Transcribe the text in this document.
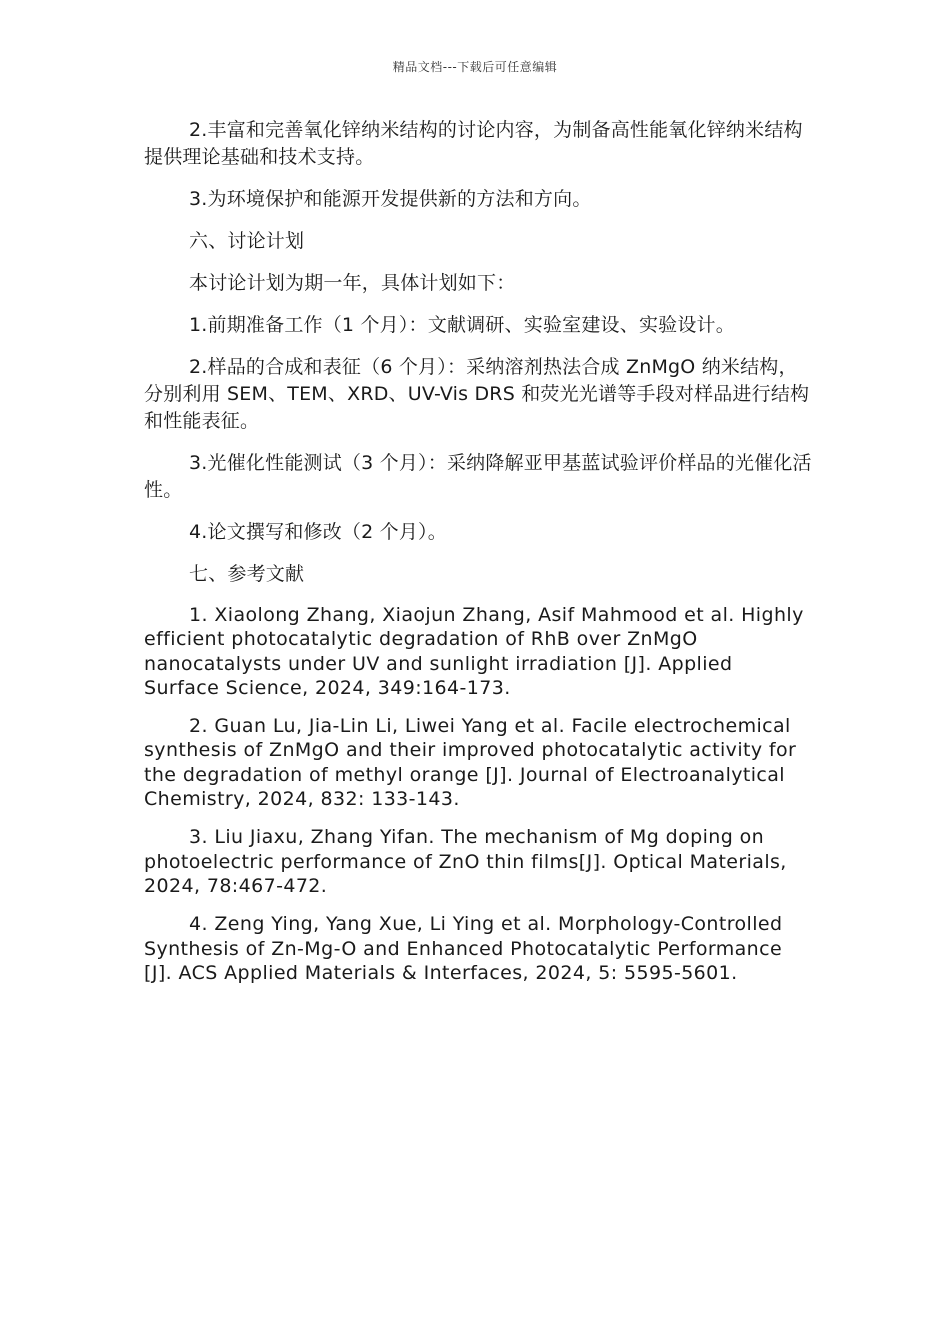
精品文档---下载后可任意编辑

2.丰富和完善氧化锌纳米结构的讨论内容，为制备高性能氧化锌纳米结构提供理论基础和技术支持。

3.为环境保护和能源开发提供新的方法和方向。

六、讨论计划

本讨论计划为期一年，具体计划如下：

1.前期准备工作（1 个月）：文献调研、实验室建设、实验设计。

2.样品的合成和表征（6 个月）：采纳溶剂热法合成 ZnMgO 纳米结构，分别利用 SEM、TEM、XRD、UV-Vis DRS 和荧光光谱等手段对样品进行结构和性能表征。

3.光催化性能测试（3 个月）：采纳降解亚甲基蓝试验评价样品的光催化活性。

4.论文撰写和修改（2 个月）。

七、参考文献

1. Xiaolong Zhang, Xiaojun Zhang, Asif Mahmood et al. Highly efficient photocatalytic degradation of RhB over ZnMgO nanocatalysts under UV and sunlight irradiation [J]. Applied Surface Science, 2024, 349:164-173.

2. Guan Lu, Jia-Lin Li, Liwei Yang et al. Facile electrochemical synthesis of ZnMgO and their improved photocatalytic activity for the degradation of methyl orange [J]. Journal of Electroanalytical Chemistry, 2024, 832: 133-143.

3. Liu Jiaxu, Zhang Yifan. The mechanism of Mg doping on photoelectric performance of ZnO thin films[J]. Optical Materials, 2024, 78:467-472.

4. Zeng Ying, Yang Xue, Li Ying et al. Morphology-Controlled Synthesis of Zn-Mg-O and Enhanced Photocatalytic Performance [J]. ACS Applied Materials & Interfaces, 2024, 5: 5595-5601.
